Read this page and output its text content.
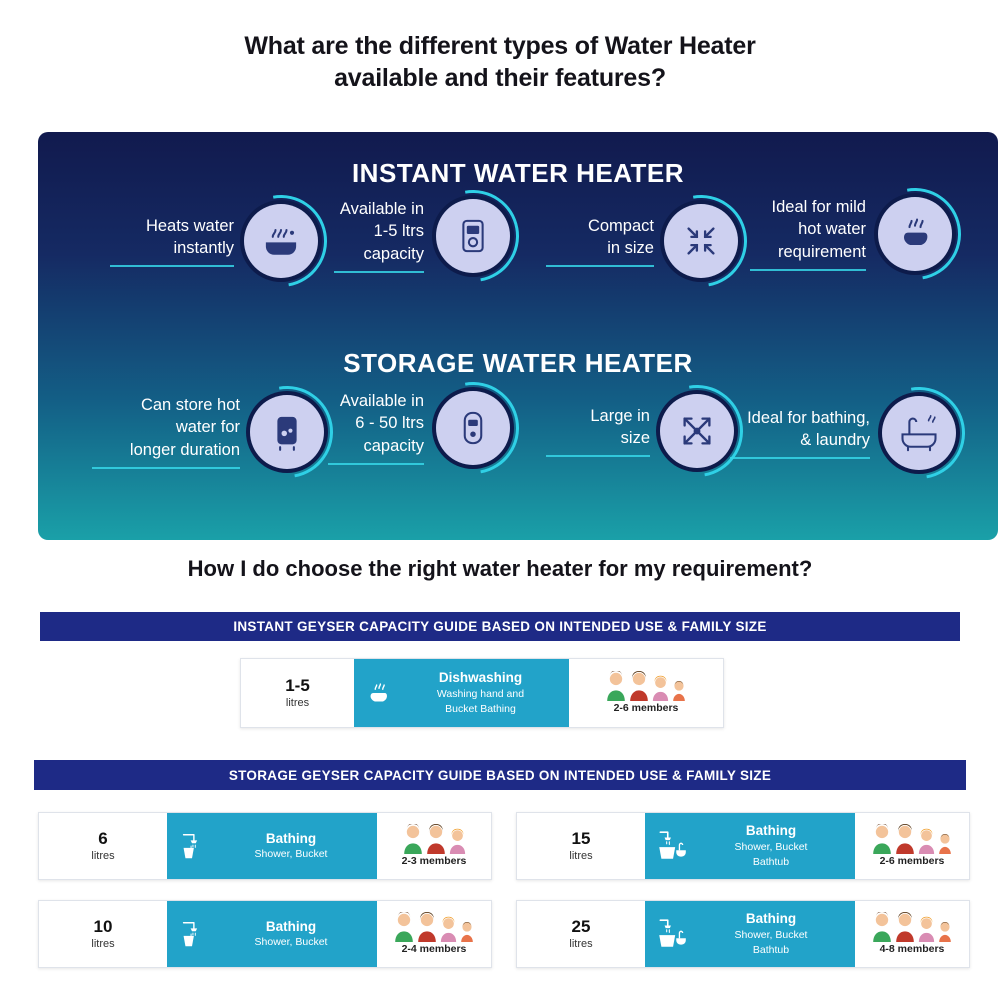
What are the different types of Water Heater
available and their features?
INSTANT WATER HEATER
Heats water
instantly
Available in
1-5 ltrs
capacity
Compact
in size
Ideal for mild
hot water
requirement
STORAGE WATER HEATER
Can store hot
water for
longer duration
Available in
6 - 50 ltrs
capacity
Large in
size
Ideal for bathing,
& laundry
How I do choose the right water heater for my requirement?
INSTANT GEYSER CAPACITY GUIDE BASED ON INTENDED USE & FAMILY SIZE
1-5
litres
Dishwashing
Washing hand and
Bucket Bathing	2-6 members
STORAGE GEYSER CAPACITY GUIDE BASED ON INTENDED USE & FAMILY SIZE
6
litres
Bathing
Shower, Bucket
2-3 members
10
litres
Bathing
Shower, Bucket
2-4 members
15
litres
Bathing
Shower, Bucket
Bathtub	2-6 members
25
litres
Bathing
Shower, Bucket
Bathtub	4-8 members
